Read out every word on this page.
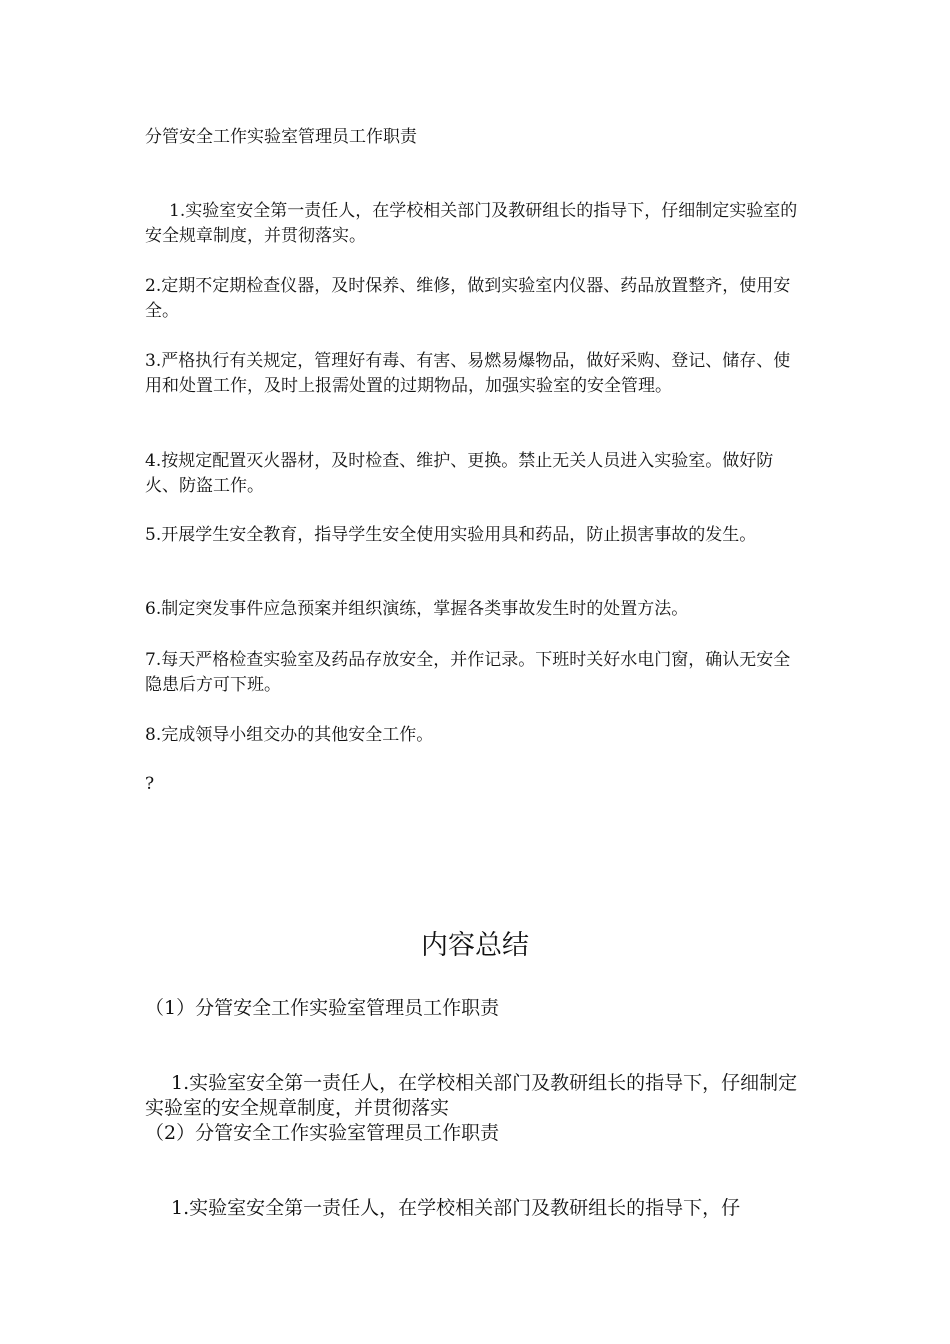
分管安全工作实验室管理员工作职责
1.实验室安全第一责任人，在学校相关部门及教研组长的指导下，仔细制定实验室的安全规章制度，并贯彻落实。
2.定期不定期检查仪器，及时保养、维修，做到实验室内仪器、药品放置整齐，使用安全。
3.严格执行有关规定，管理好有毒、有害、易燃易爆物品，做好采购、登记、储存、使用和处置工作，及时上报需处置的过期物品，加强实验室的安全管理。
4.按规定配置灭火器材，及时检查、维护、更换。禁止无关人员进入实验室。做好防火、防盗工作。
5.开展学生安全教育，指导学生安全使用实验用具和药品，防止损害事故的发生。
6.制定突发事件应急预案并组织演练，掌握各类事故发生时的处置方法。
7.每天严格检查实验室及药品存放安全，并作记录。下班时关好水电门窗，确认无安全隐患后方可下班。
8.完成领导小组交办的其他安全工作。
?
内容总结
（1）分管安全工作实验室管理员工作职责
1.实验室安全第一责任人，在学校相关部门及教研组长的指导下，仔细制定实验室的安全规章制度，并贯彻落实
（2）分管安全工作实验室管理员工作职责
1.实验室安全第一责任人，在学校相关部门及教研组长的指导下，仔
